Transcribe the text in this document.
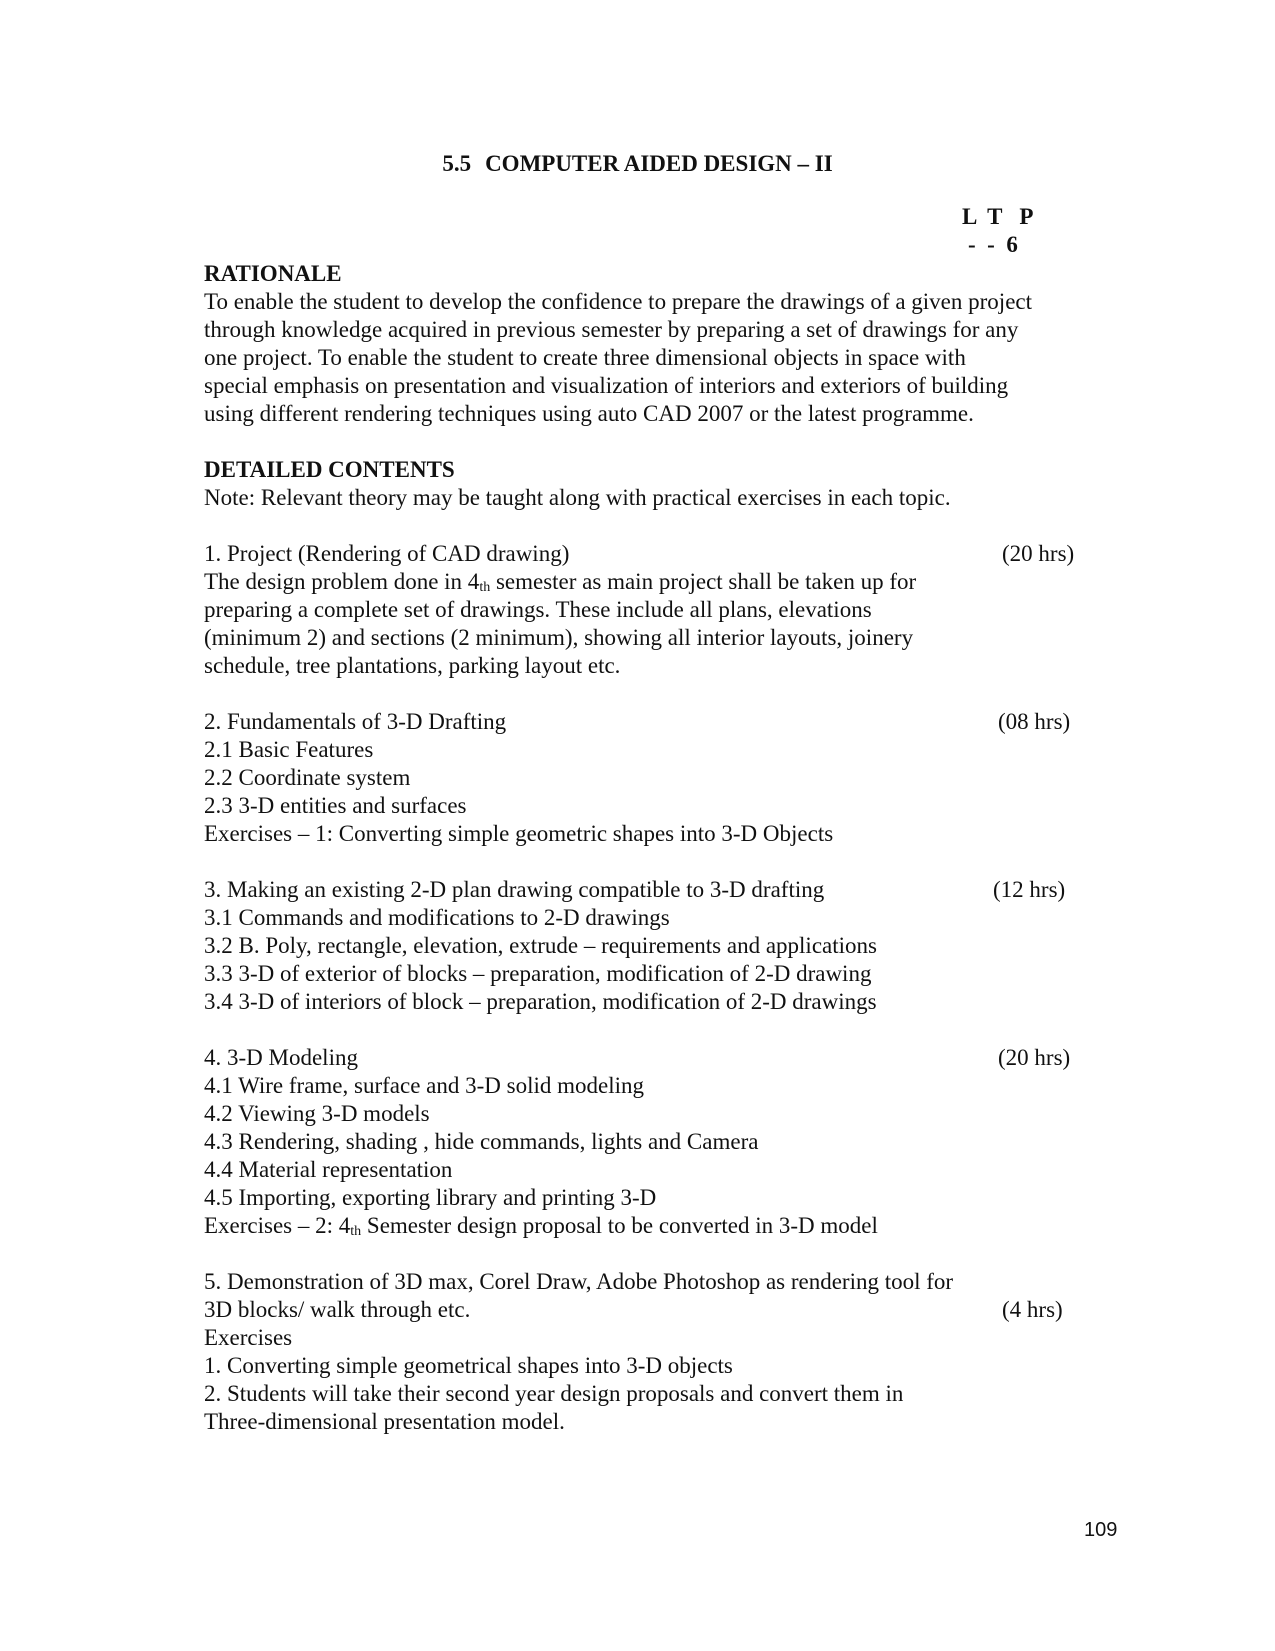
5.5 COMPUTER AIDED DESIGN – II
L  T   P
-  -  6
RATIONALE
To enable the student to develop the confidence to prepare the drawings of a given project
through knowledge acquired in previous semester by preparing a set of drawings for any
one project. To enable the student to create three dimensional objects in space with
special emphasis on presentation and visualization of interiors and exteriors of building
using different rendering techniques using auto CAD 2007 or the latest programme.
DETAILED CONTENTS
Note: Relevant theory may be taught along with practical exercises in each topic.
1. Project (Rendering of CAD drawing)	(20 hrs)
The design problem done in $4_{th}$ semester as main project shall be taken up for
preparing a complete set of drawings. These include all plans, elevations
(minimum 2) and sections (2 minimum), showing all interior layouts, joinery
schedule, tree plantations, parking layout etc.
2. Fundamentals of 3-D Drafting	(08 hrs)
2.1 Basic Features
2.2 Coordinate system
2.3 3-D entities and surfaces
Exercises – 1: Converting simple geometric shapes into 3-D Objects
3. Making an existing 2-D plan drawing compatible to 3-D drafting	(12 hrs)
3.1 Commands and modifications to 2-D drawings
3.2 B. Poly, rectangle, elevation, extrude – requirements and applications
3.3 3-D of exterior of blocks – preparation, modification of 2-D drawing
3.4 3-D of interiors of block – preparation, modification of 2-D drawings
4. 3-D Modeling	(20 hrs)
4.1 Wire frame, surface and 3-D solid modeling
4.2 Viewing 3-D models
4.3 Rendering, shading , hide commands, lights and Camera
4.4 Material representation
4.5 Importing, exporting library and printing 3-D
Exercises – 2: $4_{th}$ Semester design proposal to be converted in 3-D model
5. Demonstration of 3D max, Corel Draw, Adobe Photoshop as rendering tool for
3D blocks/ walk through etc.	(4 hrs)
Exercises
1. Converting simple geometrical shapes into 3-D objects
2. Students will take their second year design proposals and convert them in
Three-dimensional presentation model.
109
